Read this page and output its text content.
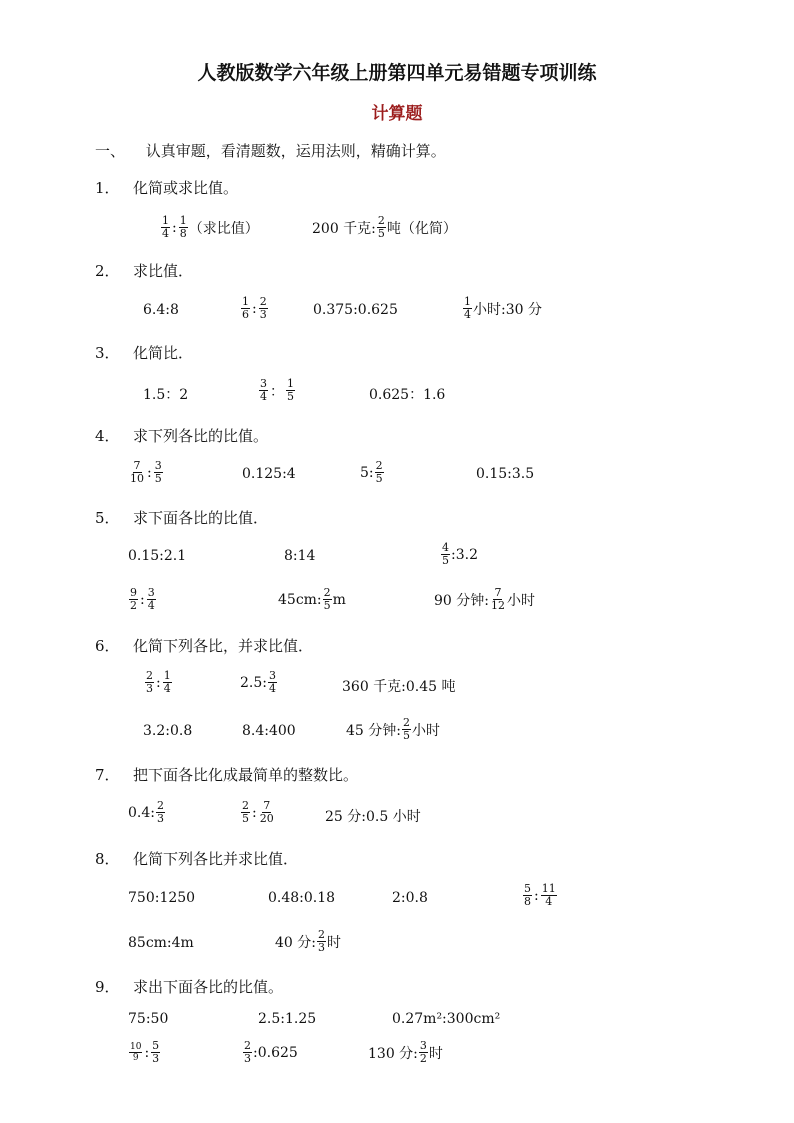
人教版数学六年级上册第四单元易错题专项训练
计算题
一、 认真审题，看清题数，运用法则，精确计算。
1． 化简或求比值。
$\frac{1}{4}$ : $\frac{1}{8}$ （求比值）	200 千克: $\frac{2}{5}$ 吨（化简）
2． 求比值．
6.4:8	$\frac{1}{6}$ : $\frac{2}{3}$	0.375:0.625	$\frac{1}{4}$ 小时:30 分
3． 化简比．
1.5：2	$\frac{3}{4}$ ： $\frac{1}{5}$	0.625：1.6
4． 求下列各比的比值。
$\frac{7}{10}$ : $\frac{3}{5}$	0.125:4	5: $\frac{2}{5}$	0.15:3.5
5． 求下面各比的比值．
0.15:2.1	8:14	$\frac{4}{5}$ :3.2
$\frac{9}{2}$ : $\frac{3}{4}$	45cm: $\frac{2}{5}$ m	90 分钟: $\frac{7}{12}$ 小时
6． 化简下列各比，并求比值．
$\frac{2}{3}$ : $\frac{1}{4}$	2.5: $\frac{3}{4}$	360 千克:0.45 吨
3.2:0.8	8.4:400	45 分钟: $\frac{2}{5}$ 小时
7． 把下面各比化成最简单的整数比。
0.4: $\frac{2}{3}$	$\frac{2}{5}$ : $\frac{7}{20}$	25 分:0.5 小时
8． 化简下列各比并求比值．
750:1250	0.48:0.18	2:0.8	$\frac{5}{8}$ : $\frac{11}{4}$
85cm:4m	40 分: $\frac{2}{3}$ 时
9． 求出下面各比的比值。
75:50	2.5:1.25	0.27m²:300cm²
$\frac{10}{9}$ : $\frac{5}{3}$	$\frac{2}{3}$ :0.625	130 分: $\frac{3}{2}$ 时
